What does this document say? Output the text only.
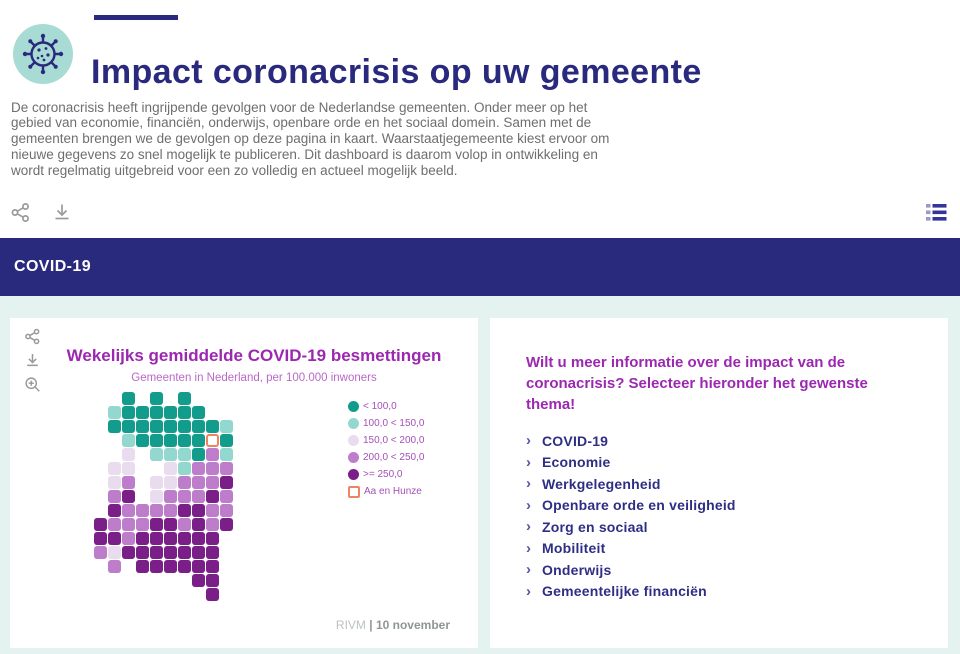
Impact coronacrisis op uw gemeente

De coronacrisis heeft ingrijpende gevolgen voor de Nederlandse gemeenten. Onder meer op het gebied van economie, financiën, onderwijs, openbare orde en het sociaal domein. Samen met de gemeenten brengen we de gevolgen op deze pagina in kaart. Waarstaatjegemeente kiest ervoor om nieuwe gegevens zo snel mogelijk te publiceren. Dit dashboard is daarom volop in ontwikkeling en wordt regelmatig uitgebreid voor een zo volledig en actueel mogelijk beeld.

COVID-19
Wekelijks gemiddelde COVID-19 besmettingen
Gemeenten in Nederland, per 100.000 inwoners
< 100,0
100,0 < 150,0
150,0 < 200,0
200,0 < 250,0
>= 250,0
Aa en Hunze
RIVM | 10 november
Wilt u meer informatie over de impact van de coronacrisis? Selecteer hieronder het gewenste thema!
› COVID-19
› Economie
› Werkgelegenheid
› Openbare orde en veiligheid
› Zorg en sociaal
› Mobiliteit
› Onderwijs
› Gemeentelijke financiën
